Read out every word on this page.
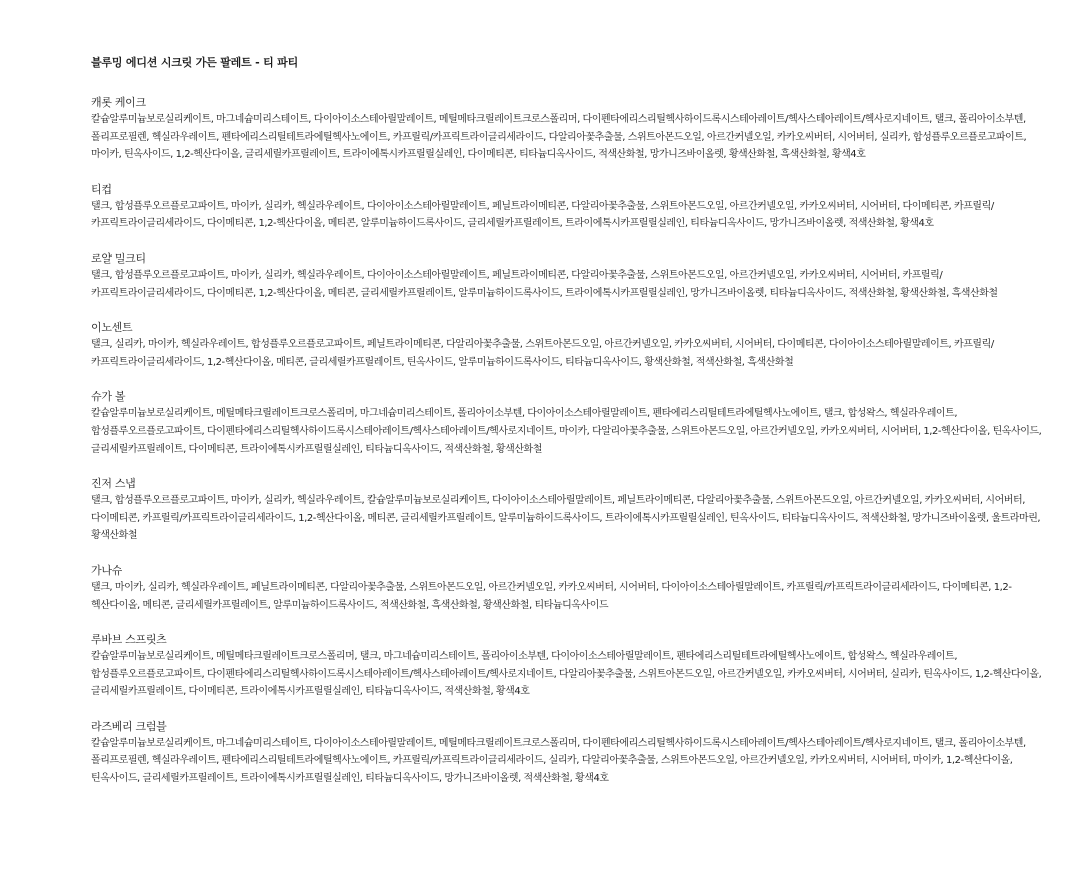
블루밍 에디션 시크릿 가든 팔레트 - 티 파티
캐롯 케이크

칼슘알루미늄보로실리케이트, 마그네슘미리스테이트, 다이아이소스테아릴말레이트, 메틸메타크릴레이트크로스폴리머, 다이펜타에리스리틸헥사하이드록시스테아레이트/헥사스테아레이트/헥사로지네이트, 탤크, 폴리아이소부텐, 폴리프로필렌, 헥실라우레이트, 펜타에리스리틸테트라에틸헥사노에이트, 카프릴릭/카프릭트라이글리세라이드, 다알리아꽃추출물, 스위트아몬드오일, 아르간커넬오일, 카카오씨버터, 시어버터, 실리카, 합성플루오르플로고파이트, 마이카, 틴옥사이드, 1,2-헥산다이올, 글리세릴카프릴레이트, 트라이에톡시카프릴릴실레인, 다이메티콘, 티타늄디옥사이드, 적색산화철, 망가니즈바이올렛, 황색산화철, 흑색산화철, 황색4호

티컵

탤크, 합성플루오르플로고파이트, 마이카, 실리카, 헥실라우레이트, 다이아이소스테아릴말레이트, 페닐트라이메티콘, 다알리아꽃추출물, 스위트아몬드오일, 아르간커넬오일, 카카오씨버터, 시어버터, 다이메티콘, 카프릴릭/카프릭트라이글리세라이드, 다이메티콘, 1,2-헥산다이올, 메티콘, 알루미늄하이드록사이드, 글리세릴카프릴레이트, 트라이에톡시카프릴릴실레인, 티타늄디옥사이드, 망가니즈바이올렛, 적색산화철, 황색4호

로얄 밀크티

탤크, 합성플루오르플로고파이트, 마이카, 실리카, 헥실라우레이트, 다이아이소스테아릴말레이트, 페닐트라이메티콘, 다알리아꽃추출물, 스위트아몬드오일, 아르간커넬오일, 카카오씨버터, 시어버터, 카프릴릭/카프릭트라이글리세라이드, 다이메티콘, 1,2-헥산다이올, 메티콘, 글리세릴카프릴레이트, 알루미늄하이드록사이드, 트라이에톡시카프릴릴실레인, 망가니즈바이올렛, 티타늄디옥사이드, 적색산화철, 황색산화철, 흑색산화철

이노센트

탤크, 실리카, 마이카, 헥실라우레이트, 합성플루오르플로고파이트, 페닐트라이메티콘, 다알리아꽃추출물, 스위트아몬드오일, 아르간커넬오일, 카카오씨버터, 시어버터, 다이메티콘, 다이아이소스테아릴말레이트, 카프릴릭/카프릭트라이글리세라이드, 1,2-헥산다이올, 메티콘, 글리세릴카프릴레이트, 틴옥사이드, 알루미늄하이드록사이드, 티타늄디옥사이드, 황색산화철, 적색산화철, 흑색산화철

슈가 볼

칼슘알루미늄보로실리케이트, 메틸메타크릴레이트크로스폴리머, 마그네슘미리스테이트, 폴리아이소부텐, 다이아이소스테아릴말레이트, 펜타에리스리틸테트라에틸헥사노에이트, 탤크, 합성왁스, 헥실라우레이트, 합성플루오르플로고파이트, 다이펜타에리스리틸헥사하이드록시스테아레이트/헥사스테아레이트/헥사로지네이트, 마이카, 다알리아꽃추출물, 스위트아몬드오일, 아르간커넬오일, 카카오씨버터, 시어버터, 1,2-헥산다이올, 틴옥사이드, 글리세릴카프릴레이트, 다이메티콘, 트라이에톡시카프릴릴실레인, 티타늄디옥사이드, 적색산화철, 황색산화철

진저 스냅

탤크, 합성플루오르플로고파이트, 마이카, 실리카, 헥실라우레이트, 칼슘알루미늄보로실리케이트, 다이아이소스테아릴말레이트, 페닐트라이메티콘, 다알리아꽃추출물, 스위트아몬드오일, 아르간커넬오일, 카카오씨버터, 시어버터, 다이메티콘, 카프릴릭/카프릭트라이글리세라이드, 1,2-헥산다이올, 메티콘, 글리세릴카프릴레이트, 알루미늄하이드록사이드, 트라이에톡시카프릴릴실레인, 틴옥사이드, 티타늄디옥사이드, 적색산화철, 망가니즈바이올렛, 울트라마린, 황색산화철

가나슈

탤크, 마이카, 실리카, 헥실라우레이트, 페닐트라이메티콘, 다알리아꽃추출물, 스위트아몬드오일, 아르간커넬오일, 카카오씨버터, 시어버터, 다이아이소스테아릴말레이트, 카프릴릭/카프릭트라이글리세라이드, 다이메티콘, 1,2-헥산다이올, 메티콘, 글리세릴카프릴레이트, 알루미늄하이드록사이드, 적색산화철, 흑색산화철, 황색산화철, 티타늄디옥사이드

루바브 스프릿츠

칼슘알루미늄보로실리케이트, 메틸메타크릴레이트크로스폴리머, 탤크, 마그네슘미리스테이트, 폴리아이소부텐, 다이아이소스테아릴말레이트, 펜타에리스리틸테트라에틸헥사노에이트, 합성왁스, 헥실라우레이트, 합성플루오르플로고파이트, 다이펜타에리스리틸헥사하이드록시스테아레이트/헥사스테아레이트/헥사로지네이트, 다알리아꽃추출물, 스위트아몬드오일, 아르간커넬오일, 카카오씨버터, 시어버터, 실리카, 틴옥사이드, 1,2-헥산다이올, 글리세릴카프릴레이트, 다이메티콘, 트라이에톡시카프릴릴실레인, 티타늄디옥사이드, 적색산화철, 황색4호

라즈베리 크럼블

칼슘알루미늄보로실리케이트, 마그네슘미리스테이트, 다이아이소스테아릴말레이트, 메틸메타크릴레이트크로스폴리머, 다이펜타에리스리틸헥사하이드록시스테아레이트/헥사스테아레이트/헥사로지네이트, 탤크, 폴리아이소부텐, 폴리프로필렌, 헥실라우레이트, 펜타에리스리틸테트라에틸헥사노에이트, 카프릴릭/카프릭트라이글리세라이드, 실리카, 다알리아꽃추출물, 스위트아몬드오일, 아르간커넬오일, 카카오씨버터, 시어버터, 마이카, 1,2-헥산다이올, 틴옥사이드, 글리세릴카프릴레이트, 트라이에톡시카프릴릴실레인, 티타늄디옥사이드, 망가니즈바이올렛, 적색산화철, 황색4호
